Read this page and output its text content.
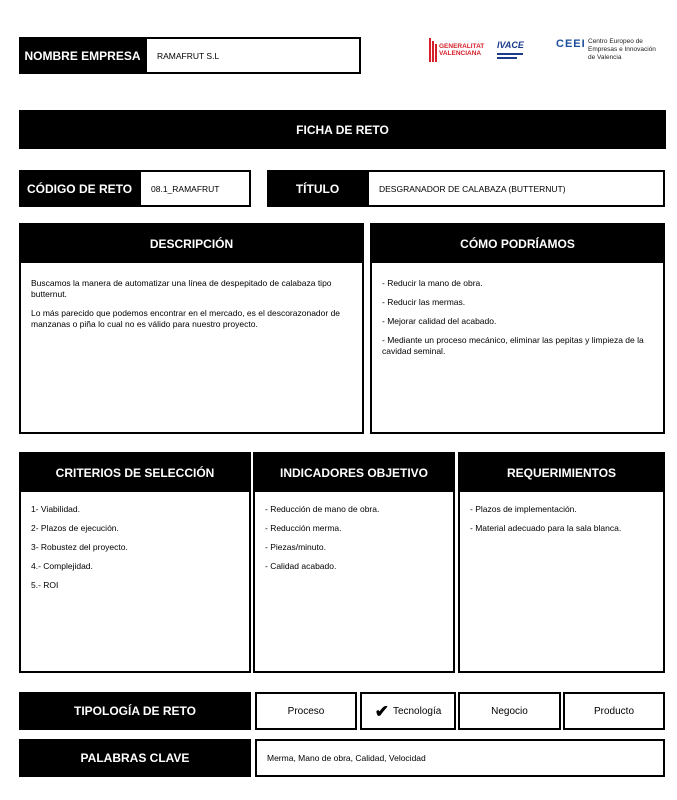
NOMBRE EMPRESA	RAMAFRUT S.L
GENERALITAT
VALENCIANA
IVACE	CEEI Centro Europeo de
Empresas e Innovación
de Valencia
FICHA DE RETO
CÓDIGO DE RETO	08.1_RAMAFRUT	TÍTULO	DESGRANADOR DE CALABAZA (BUTTERNUT)
DESCRIPCIÓN

Buscamos la manera de automatizar una línea de despepitado de calabaza tipo butternut.

Lo más parecido que podemos encontrar en el mercado, es el descorazonador de manzanas o piña lo cual no es válido para nuestro proyecto.

CÓMO PODRÍAMOS

- Reducir la mano de obra.

- Reducir las mermas.

- Mejorar calidad del acabado.

- Mediante un proceso mecánico, eliminar las pepitas y limpieza de la cavidad seminal.

CRITERIOS DE SELECCIÓN

1- Viabilidad.

2- Plazos de ejecución.

3- Robustez del proyecto.

4.- Complejidad.

5.- ROI

INDICADORES OBJETIVO

- Reducción de mano de obra.

- Reducción merma.

- Piezas/minuto.

- Calidad acabado.

REQUERIMIENTOS

- Plazos de implementación.

- Material adecuado para la sala blanca.

TIPOLOGÍA DE RETO	Proceso	✔ Tecnología	Negocio	Producto
PALABRAS CLAVE	Merma, Mano de obra, Calidad, Velocidad
